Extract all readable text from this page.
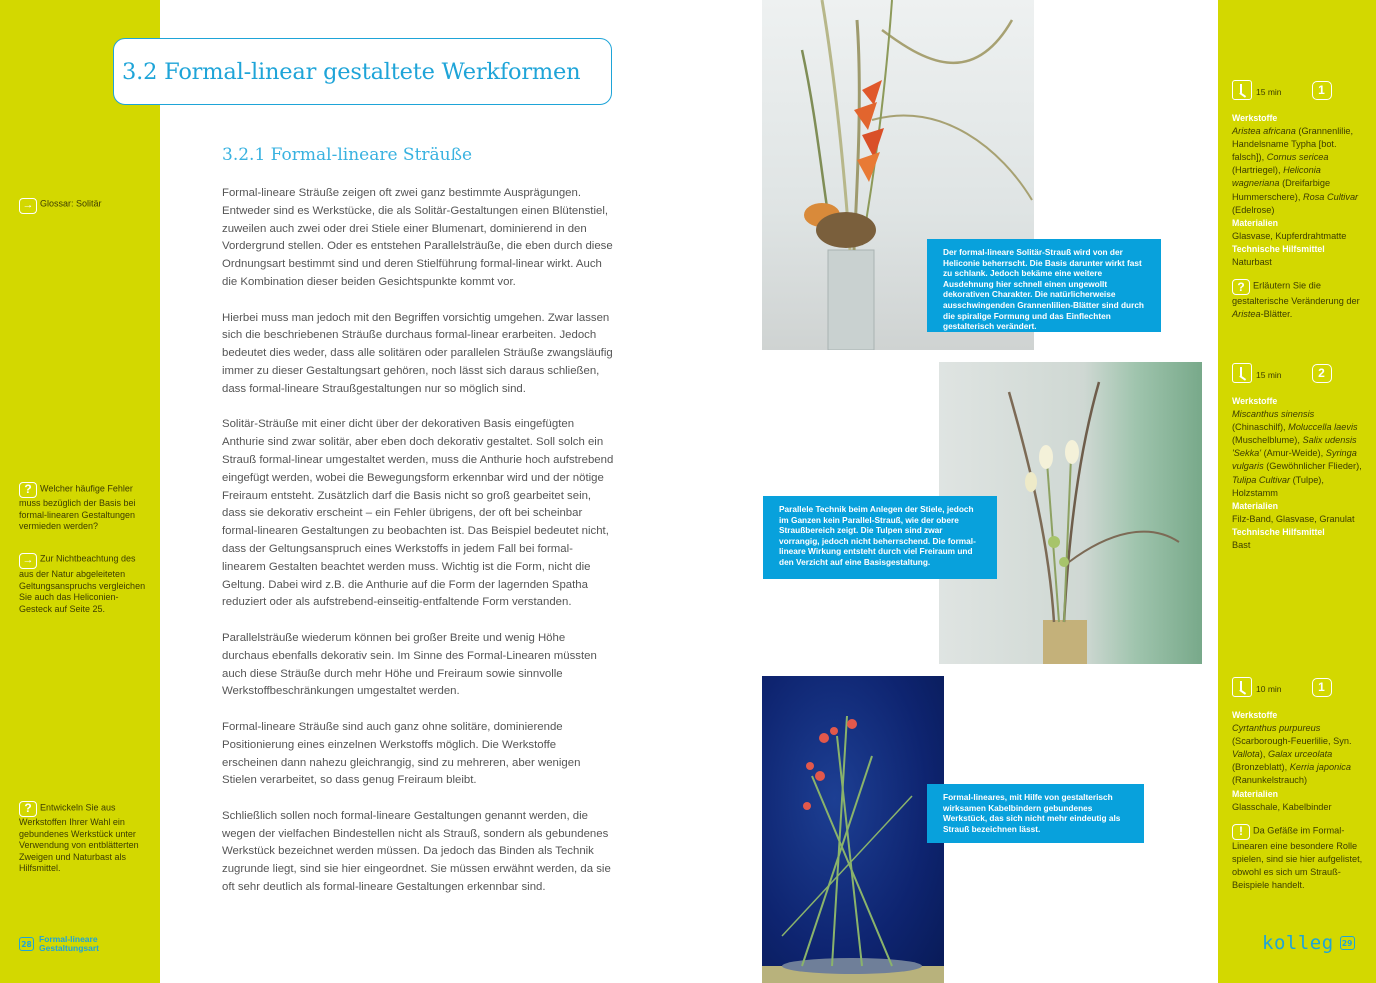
3.2 Formal-linear gestaltete Werkformen
3.2.1 Formal-lineare Sträuße

Formal-lineare Sträuße zeigen oft zwei ganz bestimmte Ausprägungen. Entweder sind es Werkstücke, die als Solitär-Gestaltungen einen Blütenstiel, zuweilen auch zwei oder drei Stiele einer Blumenart, dominierend in den Vordergrund stellen. Oder es entstehen Parallelsträuße, die eben durch diese Ordnungsart bestimmt sind und deren Stielführung formal-linear wirkt. Auch die Kombination dieser beiden Gesichtspunkte kommt vor.

Hierbei muss man jedoch mit den Begriffen vorsichtig umgehen. Zwar lassen sich die beschriebenen Sträuße durchaus formal-linear erarbeiten. Jedoch bedeutet dies weder, dass alle solitären oder parallelen Sträuße zwangsläufig immer zu dieser Gestaltungsart gehören, noch lässt sich daraus schließen, dass formal-lineare Straußgestaltungen nur so möglich sind.

Solitär-Sträuße mit einer dicht über der dekorativen Basis eingefügten Anthurie sind zwar solitär, aber eben doch dekorativ gestaltet. Soll solch ein Strauß formal-linear umgestaltet werden, muss die Anthurie hoch aufstrebend eingefügt werden, wobei die Bewegungsform erkennbar wird und der nötige Freiraum entsteht. Zusätzlich darf die Basis nicht so groß gearbeitet sein, dass sie dekorativ erscheint – ein Fehler übrigens, der oft bei scheinbar formal-linearen Gestaltungen zu beobachten ist. Das Beispiel bedeutet nicht, dass der Geltungsanspruch eines Werkstoffs in jedem Fall bei formal-linearem Gestalten beachtet werden muss. Wichtig ist die Form, nicht die Geltung. Dabei wird z.B. die Anthurie auf die Form der lagernden Spatha reduziert oder als aufstrebend-einseitig-entfaltende Form verstanden.

Parallelsträuße wiederum können bei großer Breite und wenig Höhe durchaus ebenfalls dekorativ sein. Im Sinne des Formal-Linearen müssten auch diese Sträuße durch mehr Höhe und Freiraum sowie sinnvolle Werkstoffbeschränkungen umgestaltet werden.

Formal-lineare Sträuße sind auch ganz ohne solitäre, dominierende Positionierung eines einzelnen Werkstoffs möglich. Die Werkstoffe erscheinen dann nahezu gleichrangig, sind zu mehreren, aber wenigen Stielen verarbeitet, so dass genug Freiraum bleibt.

Schließlich sollen noch formal-lineare Gestaltungen genannt werden, die wegen der vielfachen Bindestellen nicht als Strauß, sondern als gebundenes Werkstück bezeichnet werden müssen. Da jedoch das Binden als Technik zugrunde liegt, sind sie hier eingeordnet. Sie müssen erwähnt werden, da sie oft sehr deutlich als formal-lineare Gestaltungen erkennbar sind.

→ Glossar: Solitär
? Welcher häufige Fehler muss bezüglich der Basis bei formal-linearen Gestaltungen vermieden werden?
→ Zur Nichtbeachtung des aus der Natur abgeleiteten Geltungsanspruchs vergleichen Sie auch das Heliconien-Gesteck auf Seite 25.
? Entwickeln Sie aus Werkstoffen Ihrer Wahl ein gebundenes Werkstück unter Verwendung von entblätterten Zweigen und Naturbast als Hilfsmittel.
28 Formal-lineare
Gestaltungsart
Der formal-lineare Solitär-Strauß wird von der Heliconie beherrscht. Die Basis darunter wirkt fast zu schlank. Jedoch bekäme eine weitere Ausdehnung hier schnell einen ungewollt dekorativen Charakter. Die natürlicherweise ausschwingenden Grannenlilien-Blätter sind durch die spiralige Formung und das Einflechten gestalterisch verändert.
Parallele Technik beim Anlegen der Stiele, jedoch im Ganzen kein Parallel-Strauß, wie der obere Straußbereich zeigt. Die Tulpen sind zwar vorrangig, jedoch nicht beherrschend. Die formal-lineare Wirkung entsteht durch viel Freiraum und den Verzicht auf eine Basisgestaltung.
Formal-lineares, mit Hilfe von gestalterisch wirksamen Kabelbindern gebundenes Werkstück, das sich nicht mehr eindeutig als Strauß bezeichnen lässt.
15 min	1
Werkstoffe
Aristea africana (Grannenlilie, Handelsname Typha [bot. falsch]), Cornus sericea (Hartriegel), Heliconia wagneriana (Dreifarbige Hummerschere), Rosa Cultivar (Edelrose)
Materialien
Glasvase, Kupferdrahtmatte
Technische Hilfsmittel
Naturbast
? Erläutern Sie die gestalterische Veränderung der Aristea-Blätter.
15 min	2
Werkstoffe
Miscanthus sinensis (Chinaschilf), Moluccella laevis (Muschelblume), Salix udensis 'Sekka' (Amur-Weide), Syringa vulgaris (Gewöhnlicher Flieder), Tulipa Cultivar (Tulpe), Holzstamm
Materialien
Filz-Band, Glasvase, Granulat
Technische Hilfsmittel
Bast
10 min	1
Werkstoffe
Cyrtanthus purpureus (Scarborough-Feuerlilie, Syn. Vallota), Galax urceolata (Bronzeblatt), Kerria japonica (Ranunkelstrauch)
Materialien
Glasschale, Kabelbinder
! Da Gefäße im Formal-Linearen eine besondere Rolle spielen, sind sie hier aufgelistet, obwohl es sich um Strauß-Beispiele handelt.
kolleg	29
